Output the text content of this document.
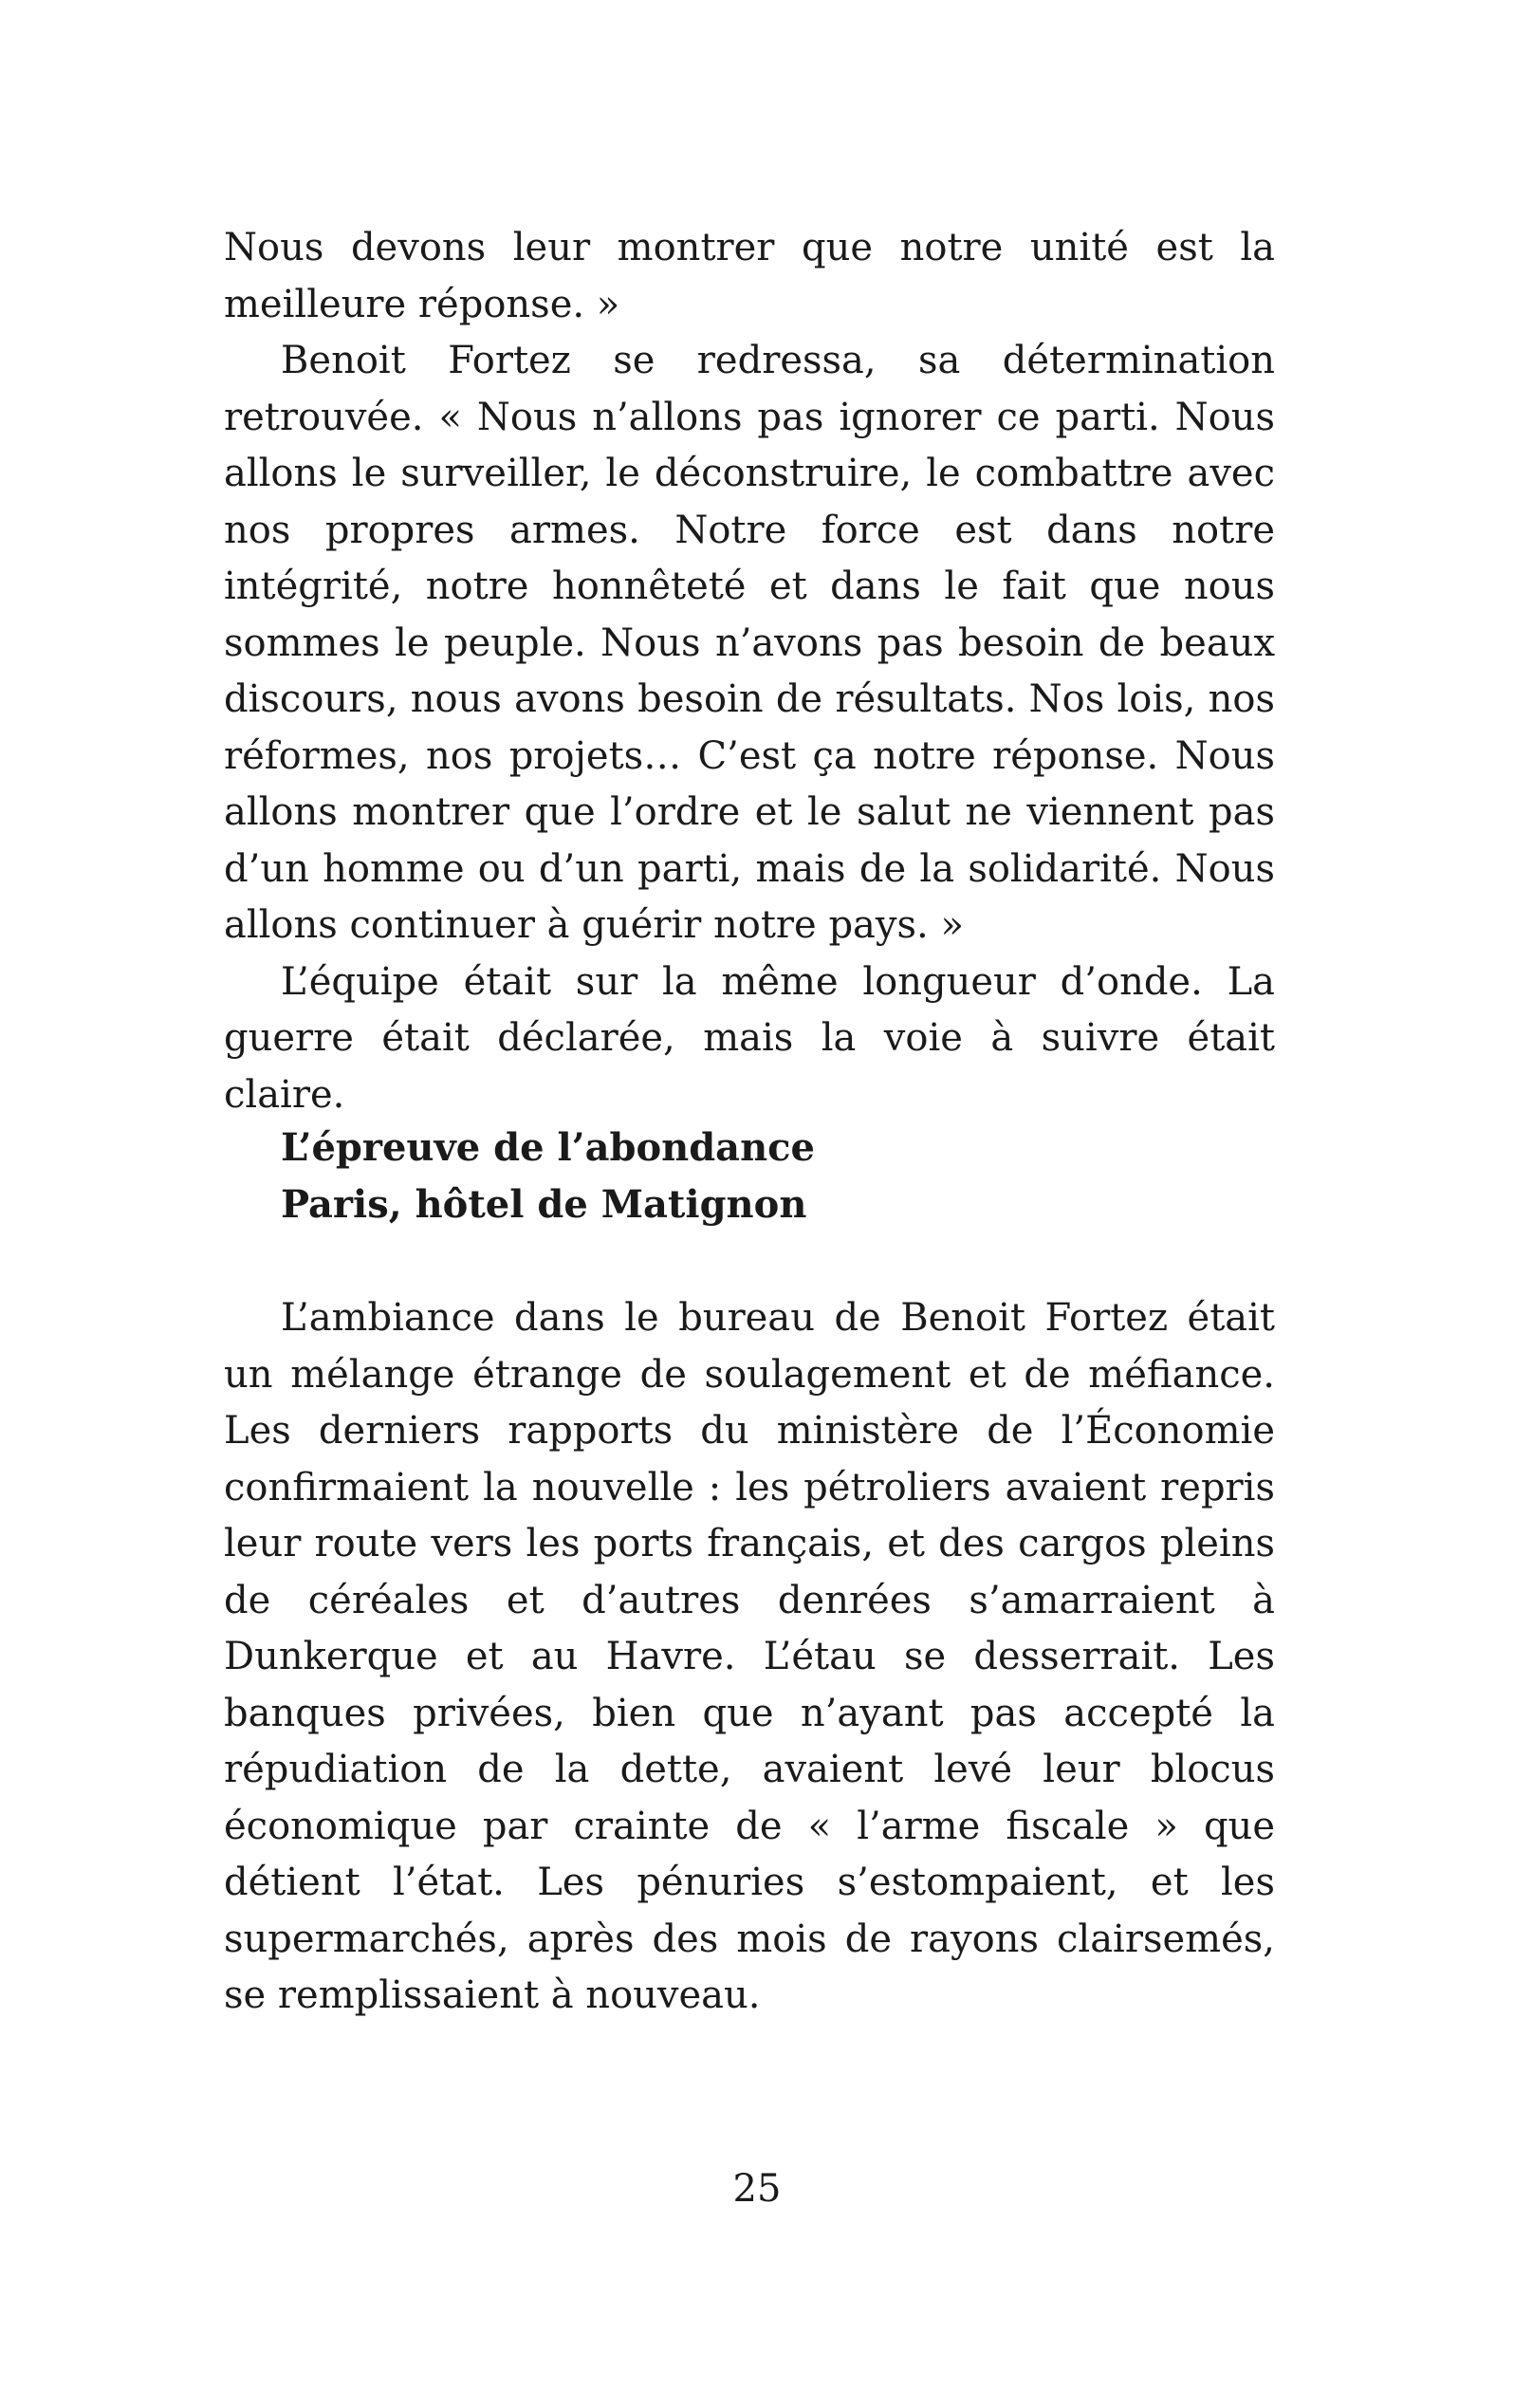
Nous devons leur montrer que notre unité est la meilleure réponse. »

Benoit Fortez se redressa, sa détermination retrouvée. « Nous n’allons pas ignorer ce parti. Nous allons le surveiller, le déconstruire, le combattre avec nos propres armes. Notre force est dans notre intégrité, notre honnêteté et dans le fait que nous sommes le peuple. Nous n’avons pas besoin de beaux discours, nous avons besoin de résultats. Nos lois, nos réformes, nos projets… C’est ça notre réponse. Nous allons montrer que l’ordre et le salut ne viennent pas d’un homme ou d’un parti, mais de la solidarité. Nous allons continuer à guérir notre pays. »

L’équipe était sur la même longueur d’onde. La guerre était déclarée, mais la voie à suivre était claire.

L’épreuve de l’abondance
Paris, hôtel de Matignon

L’ambiance dans le bureau de Benoit Fortez était un mélange étrange de soulagement et de méfiance. Les derniers rapports du ministère de l’Économie confirmaient la nouvelle : les pétroliers avaient repris leur route vers les ports français, et des cargos pleins de céréales et d’autres denrées s’amarraient à Dunkerque et au Havre. L’étau se desserrait. Les banques privées, bien que n’ayant pas accepté la répudiation de la dette, avaient levé leur blocus économique par crainte de « l’arme fiscale » que détient l’état. Les pénuries s’estompaient, et les supermarchés, après des mois de rayons clairsemés, se remplissaient à nouveau.

25
